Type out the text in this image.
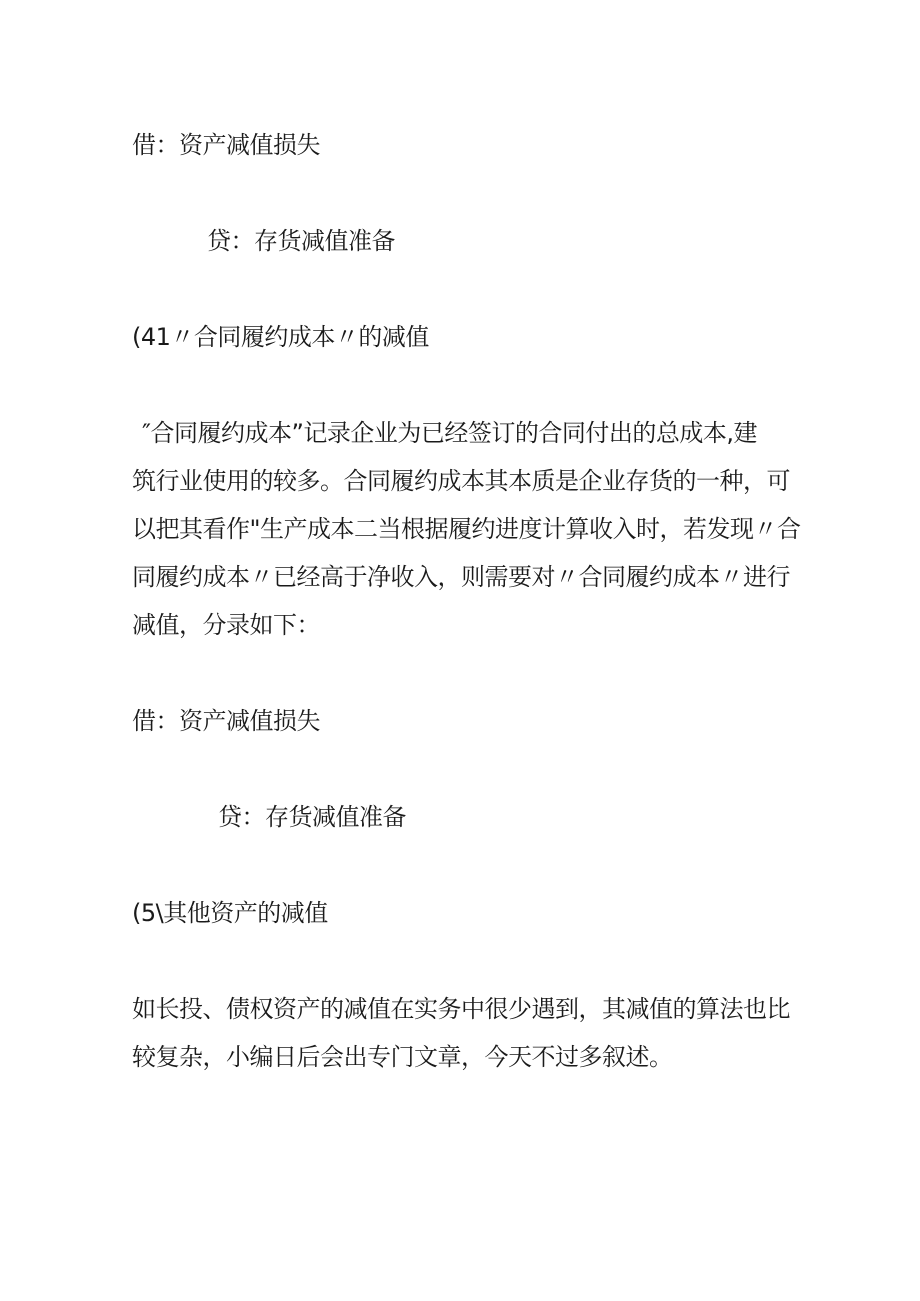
借：资产减值损失
贷：存货减值准备
(41〃合同履约成本〃的减值
″合同履约成本”记录企业为已经签订的合同付出的总成本,建
筑行业使用的较多。合同履约成本其本质是企业存货的一种，可
以把其看作"生产成本二当根据履约进度计算收入时，若发现〃合
同履约成本〃已经高于净收入，则需要对〃合同履约成本〃进行
减值，分录如下：
借：资产减值损失
贷：存货减值准备
(5\其他资产的减值
如长投、债权资产的减值在实务中很少遇到，其减值的算法也比
较复杂，小编日后会出专门文章，今天不过多叙述。
